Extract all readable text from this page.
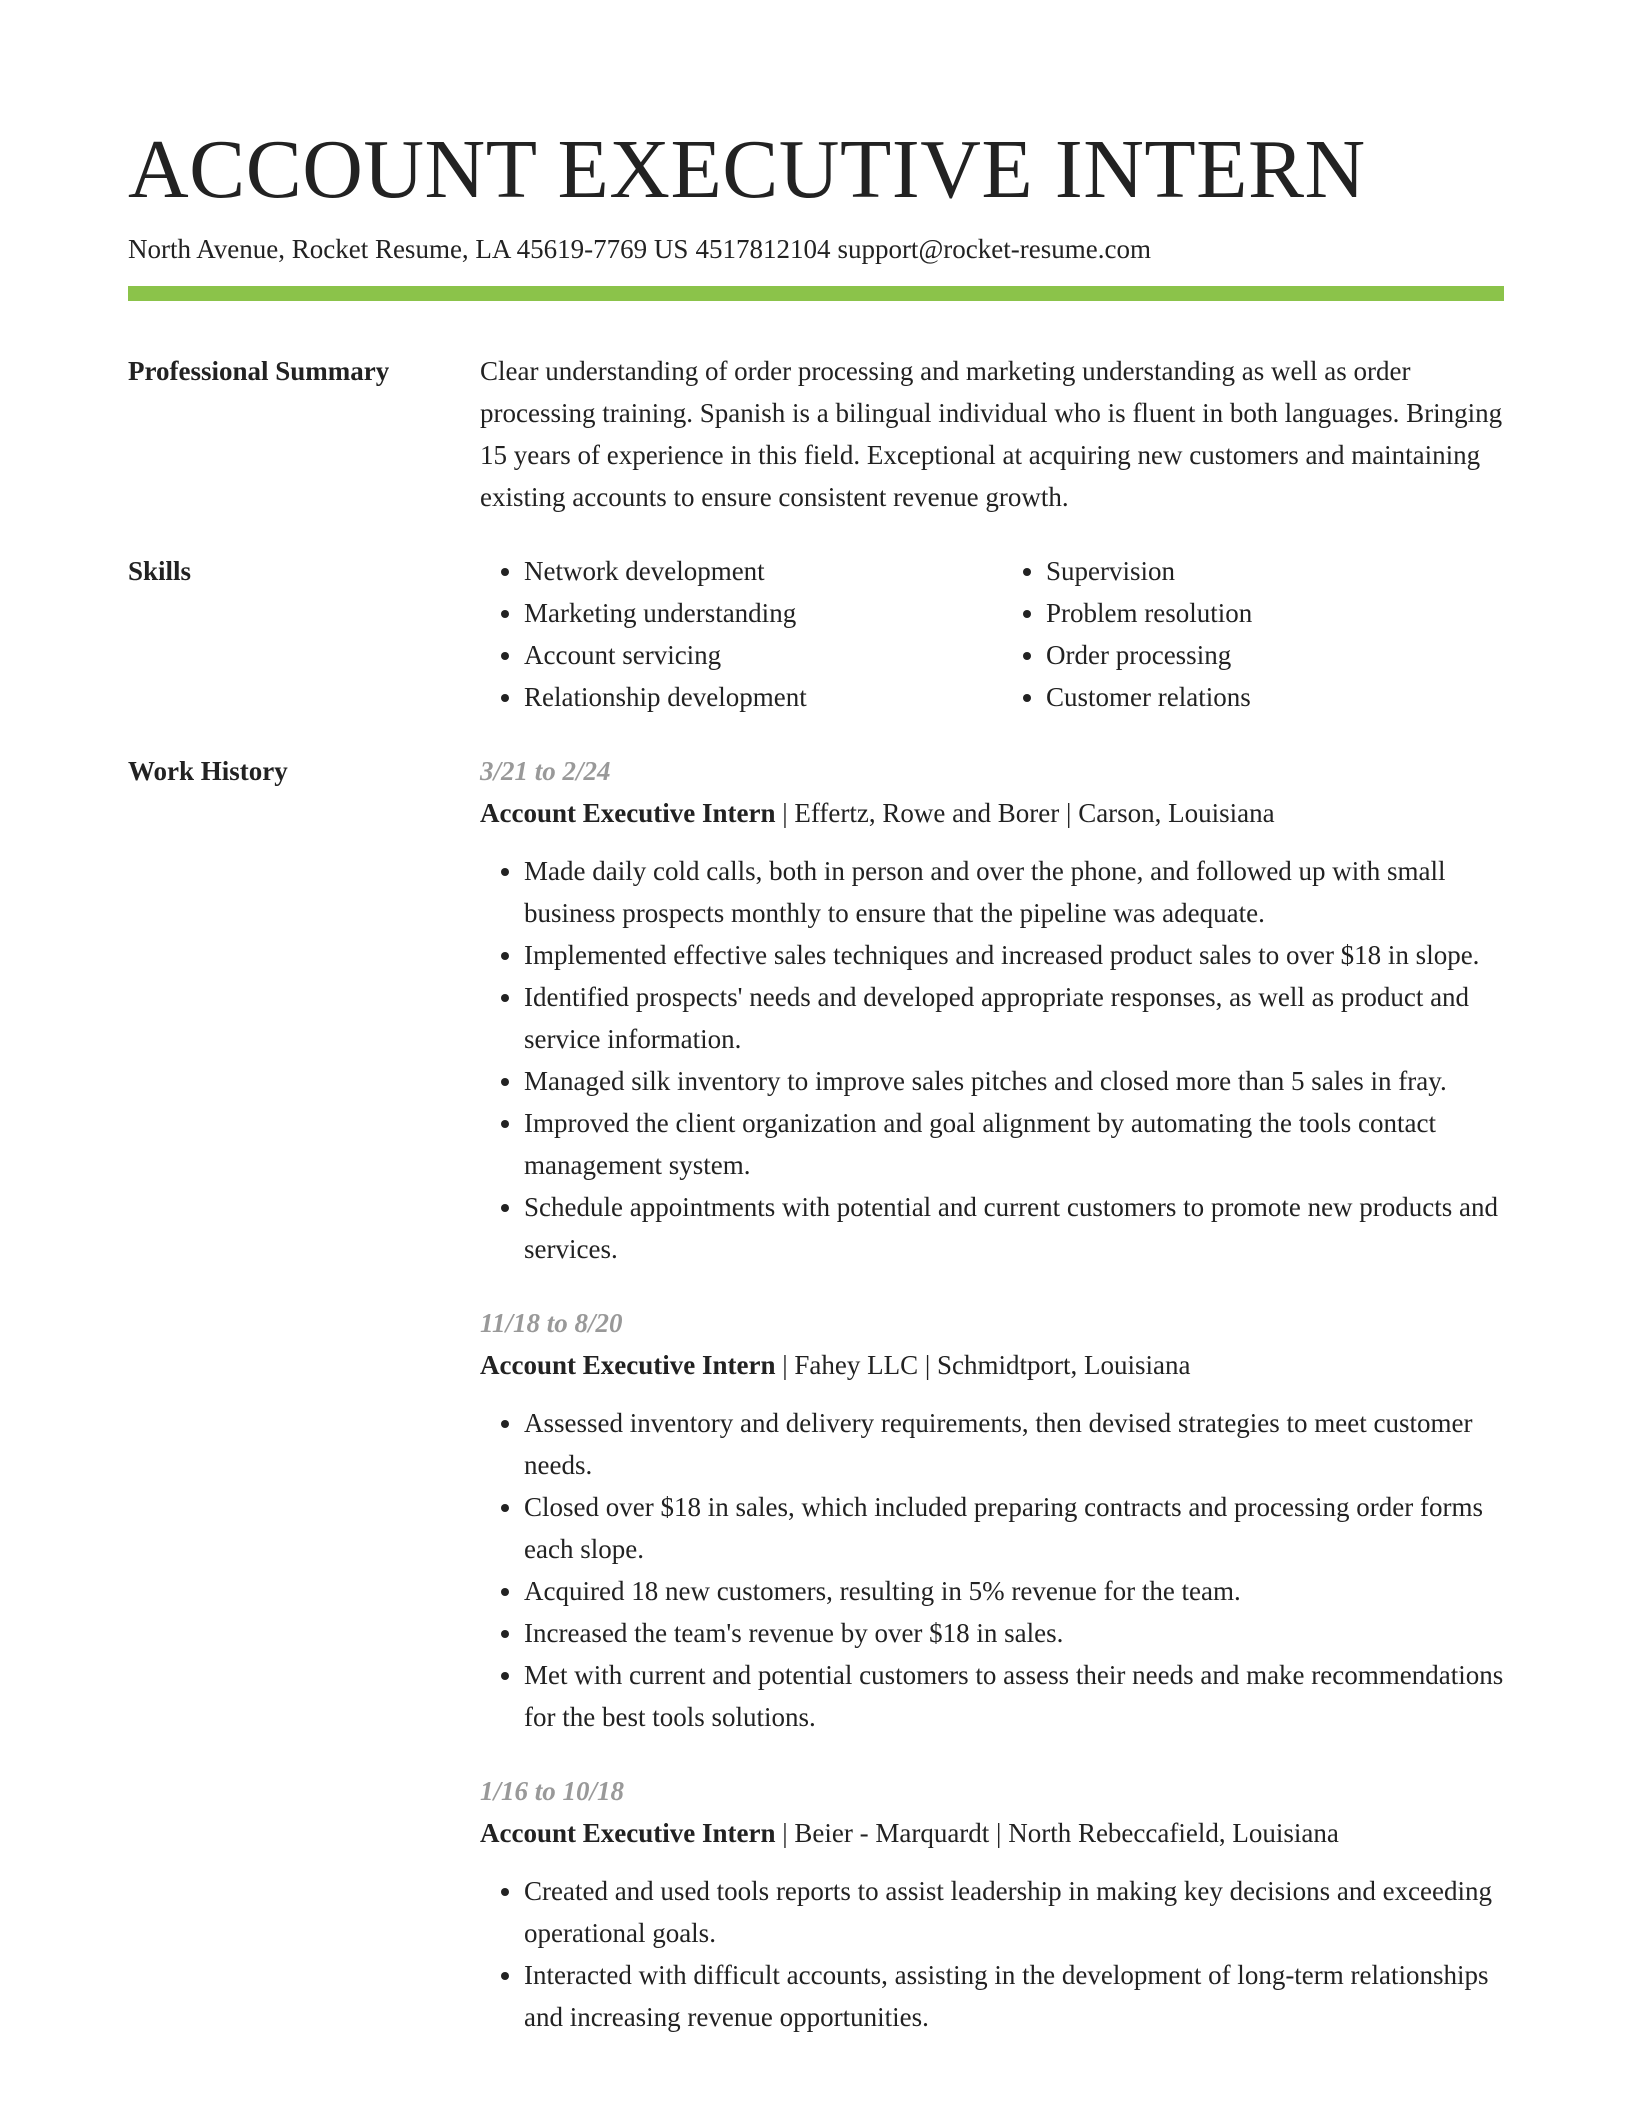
ACCOUNT EXECUTIVE INTERN
North Avenue, Rocket Resume, LA 45619-7769 US 4517812104 support@rocket-resume.com
Professional Summary	Clear understanding of order processing and marketing understanding as well as order processing training. Spanish is a bilingual individual who is fluent in both languages. Bringing 15 years of experience in this field. Exceptional at acquiring new customers and maintaining existing accounts to ensure consistent revenue growth.

Skills
•	Network development
• Marketing understanding
• Account servicing
• Relationship development
• Supervision
• Problem resolution
• Order processing
• Customer relations
Work History	3/21 to 2/24
Account Executive Intern | Effertz, Rowe and Borer | Carson, Louisiana
• Made daily cold calls, both in person and over the phone, and followed up with small business prospects monthly to ensure that the pipeline was adequate.
• Implemented effective sales techniques and increased product sales to over $18 in slope.
• Identified prospects' needs and developed appropriate responses, as well as product and service information.
• Managed silk inventory to improve sales pitches and closed more than 5 sales in fray.
• Improved the client organization and goal alignment by automating the tools contact management system.
• Schedule appointments with potential and current customers to promote new products and services.
11/18 to 8/20
Account Executive Intern | Fahey LLC | Schmidtport, Louisiana
• Assessed inventory and delivery requirements, then devised strategies to meet customer needs.
• Closed over $18 in sales, which included preparing contracts and processing order forms each slope.
• Acquired 18 new customers, resulting in 5% revenue for the team.
• Increased the team's revenue by over $18 in sales.
• Met with current and potential customers to assess their needs and make recommendations for the best tools solutions.
1/16 to 10/18
Account Executive Intern | Beier - Marquardt | North Rebeccafield, Louisiana
• Created and used tools reports to assist leadership in making key decisions and exceeding operational goals.
• Interacted with difficult accounts, assisting in the development of long-term relationships and increasing revenue opportunities.
